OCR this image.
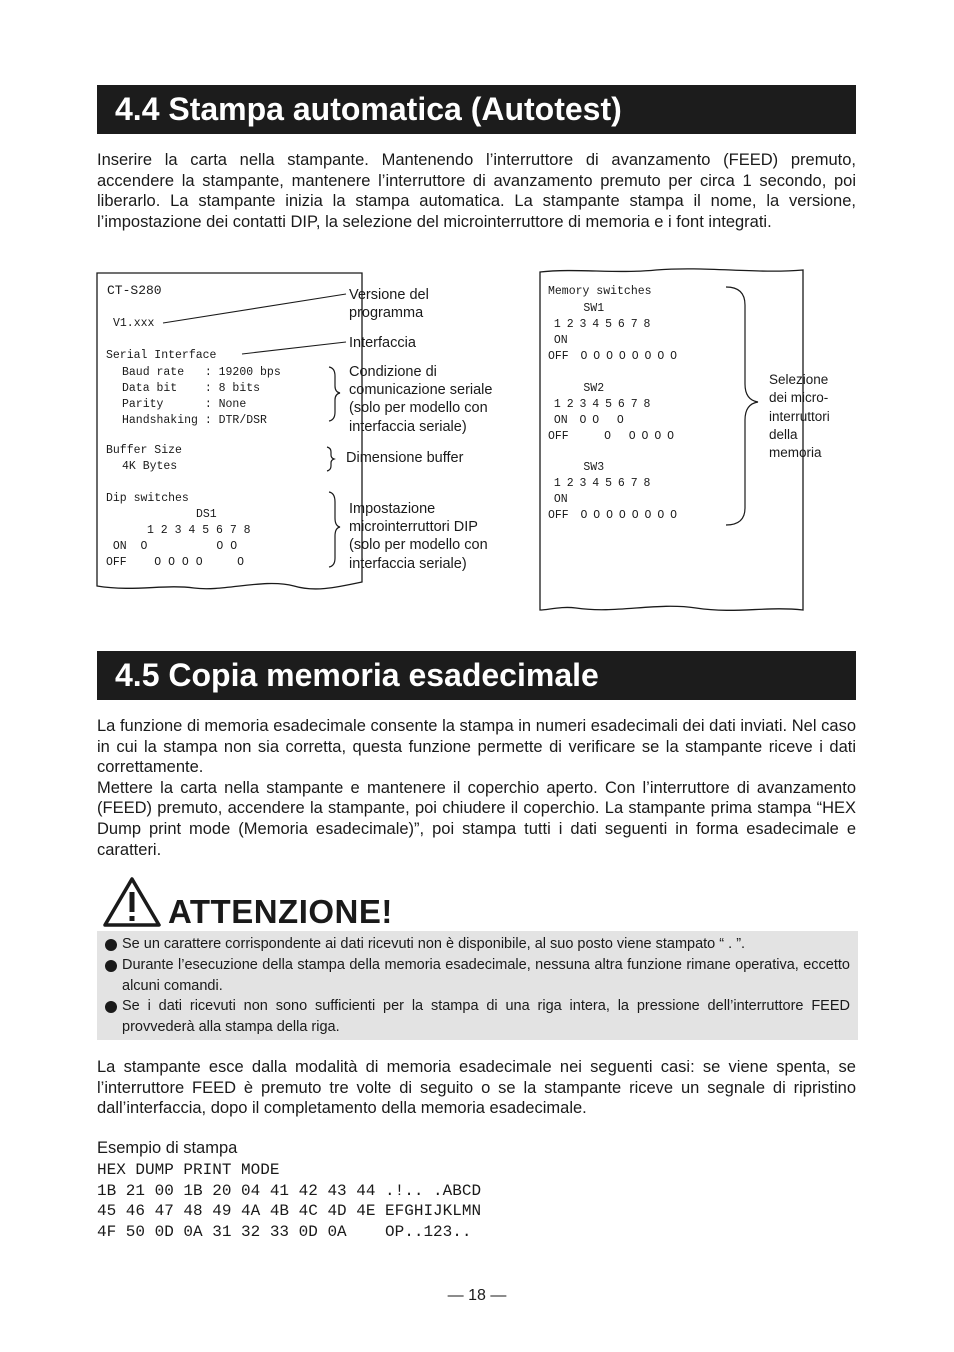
4.4 Stampa automatica (Autotest)

Inserire la carta nella stampante. Mantenendo l’interruttore di avanzamento (FEED) premuto, accendere la stampante, mantenere l’interruttore di avanzamento premuto per circa 1 secondo, poi liberarlo. La stampante inizia la stampa automatica. La stampante stampa il nome, la versione, l’impostazione dei contatti DIP, la selezione del microinterruttore di memoria e i font integrati.

CT-S280
V1.xxx
Serial Interface
Baud rate   : 19200 bps
Data bit    : 8 bits
Parity      : None
Handshaking : DTR/DSR
Buffer Size
4K Bytes
Dip switches
DS1
1 2 3 4 5 6 7 8
ON  O          O O
OFF    O O O O     O
Versione del
programma
Interfaccia
Condizione di
comunicazione seriale
(solo per modello con
interfaccia seriale)
Dimensione buffer
Impostazione
microinterruttori DIP
(solo per modello con
interfaccia seriale)
Memory switches
SW1
1 2 3 4 5 6 7 8
ON
OFF  O O O O O O O O
SW2
1 2 3 4 5 6 7 8
ON  O O   O
OFF      O   O O O O
SW3
1 2 3 4 5 6 7 8
ON
OFF  O O O O O O O O
Selezione
dei micro-
interruttori
della
memoria
4.5 Copia memoria esadecimale

La funzione di memoria esadecimale consente la stampa in numeri esadecimali dei dati inviati. Nel caso in cui la stampa non sia corretta, questa funzione permette di verificare se la stampante riceve i dati correttamente.

Mettere la carta nella stampante e mantenere il coperchio aperto. Con l’interruttore di avanzamento (FEED) premuto, accendere la stampante, poi chiudere il coperchio. La stampante prima stampa “HEX Dump print mode (Memoria esadecimale)”, poi stampa tutti i dati seguenti in forma esadecimale e caratteri.

ATTENZIONE!
Se un carattere corrispondente ai dati ricevuti non è disponibile, al suo posto viene stampato “ . ”.
Durante l’esecuzione della stampa della memoria esadecimale, nessuna altra funzione rimane operativa, eccetto alcuni comandi.
Se i dati ricevuti non sono sufficienti per la stampa di una riga intera, la pressione dell’interruttore FEED provvederà alla stampa della riga.

La stampante esce dalla modalità di memoria esadecimale nei seguenti casi: se viene spenta, se l’interruttore FEED è premuto tre volte di seguito o se la stampante riceve un segnale di ripristino dall’interfaccia, dopo il completamento della memoria esadecimale.

Esempio di stampa
HEX DUMP PRINT MODE
1B 21 00 1B 20 04 41 42 43 44 .!.. .ABCD
45 46 47 48 49 4A 4B 4C 4D 4E EFGHIJKLMN
4F 50 0D 0A 31 32 33 0D 0A    OP..123..
— 18 —
